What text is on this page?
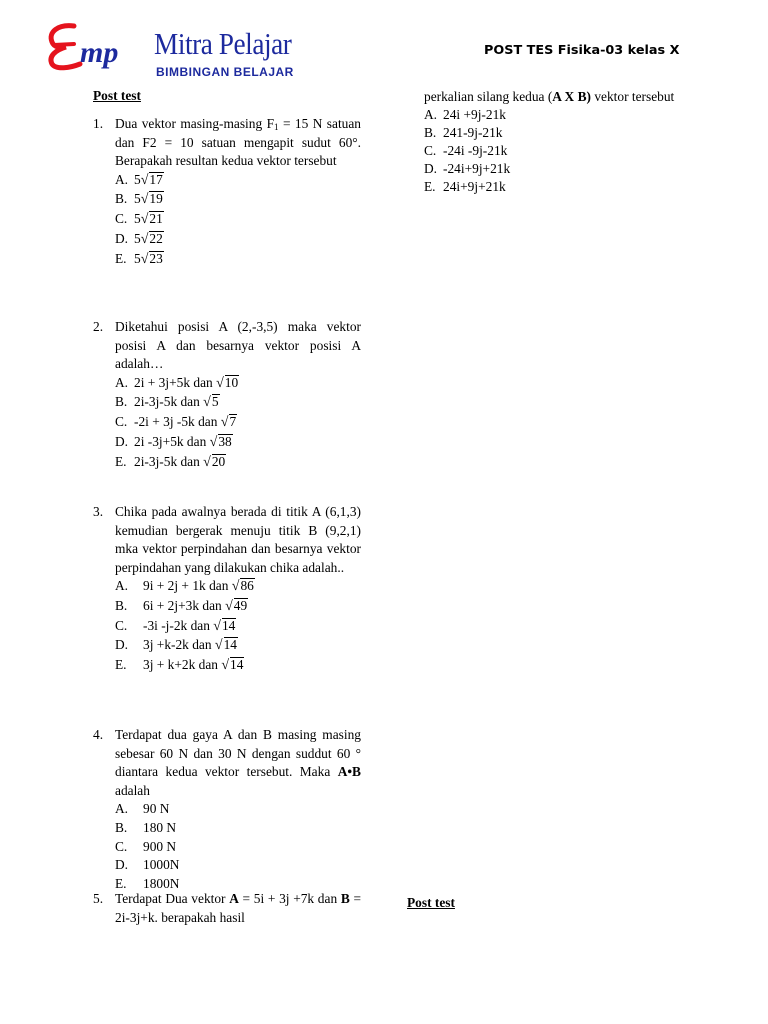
mp Mitra Pelajar
BIMBINGAN BELAJAR
POST TES Fisika-03 kelas X
Post test
1. Dua vektor masing-masing $F_1 = 15$ N satuan dan F2 = 10 satuan mengapit sudut 60°. Berapakah resultan kedua vektor tersebut
A. 5√17
B. 5√19
C. 5√21
D. 5√22
E. 5√23
2. Diketahui posisi A (2,-3,5) maka vektor posisi A dan besarnya vektor posisi A adalah…
A. 2i + 3j+5k dan √10
B. 2i-3j-5k dan √5
C. -2i + 3j -5k dan √7
D. 2i -3j+5k dan √38
E. 2i-3j-5k dan √20
3. Chika pada awalnya berada di titik A (6,1,3) kemudian bergerak menuju titik B (9,2,1) mka vektor perpindahan dan besarnya vektor perpindahan yang dilakukan chika adalah..
A. 9i + 2j + 1k dan √86
B. 6i + 2j+3k dan √49
C. -3i -j-2k dan √14
D. 3j +k-2k dan √14
E. 3j + k+2k dan √14
4. Terdapat dua gaya A dan B masing masing sebesar 60 N dan 30 N dengan suddut 60 ° diantara kedua vektor tersebut. Maka A•B adalah
A. 90 N
B. 180 N
C. 900 N
D. 1000N
E. 1800N
5. Terdapat Dua vektor A = 5i + 3j +7k dan B = 2i-3j+k. berapakah hasil
perkalian silang kedua (A X B) vektor tersebut
A. 24i +9j-21k
B. 241-9j-21k
C. -24i -9j-21k
D. -24i+9j+21k
E. 24i+9j+21k
Post test
